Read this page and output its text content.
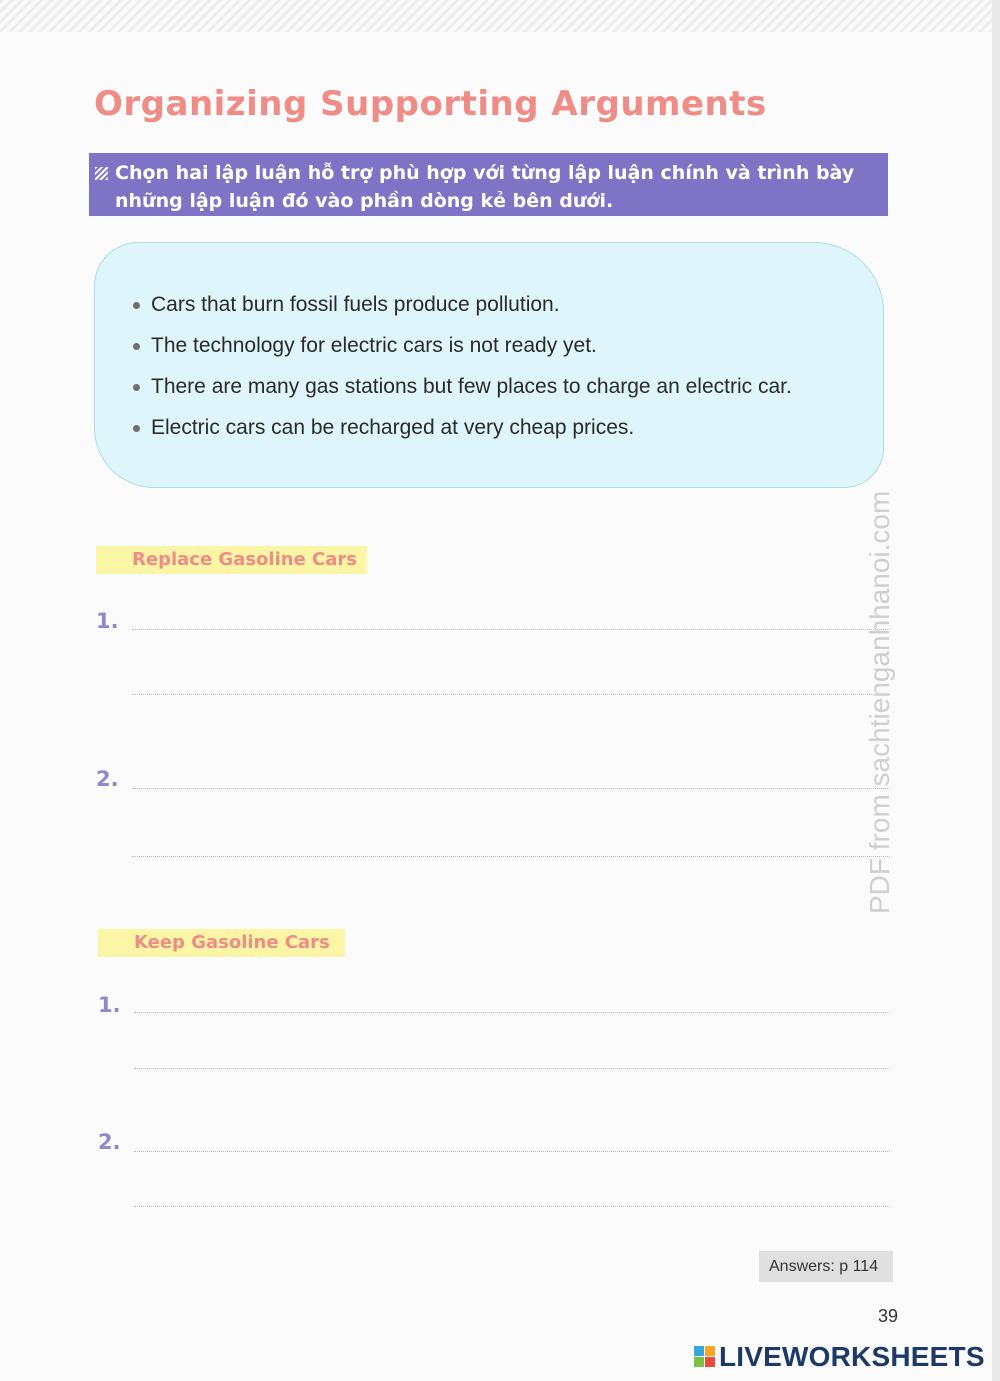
Organizing Supporting Arguments
Chọn hai lập luận hỗ trợ phù hợp với từng lập luận chính và trình bày
những lập luận đó vào phần dòng kẻ bên dưới.
Cars that burn fossil fuels produce pollution.
The technology for electric cars is not ready yet.
There are many gas stations but few places to charge an electric car.
Electric cars can be recharged at very cheap prices.
Replace Gasoline Cars
1.
2.
Keep Gasoline Cars
1.
2.
PDF from sachtienganhhanoi.com
Answers: p 114
39
LIVEWORKSHEETS
